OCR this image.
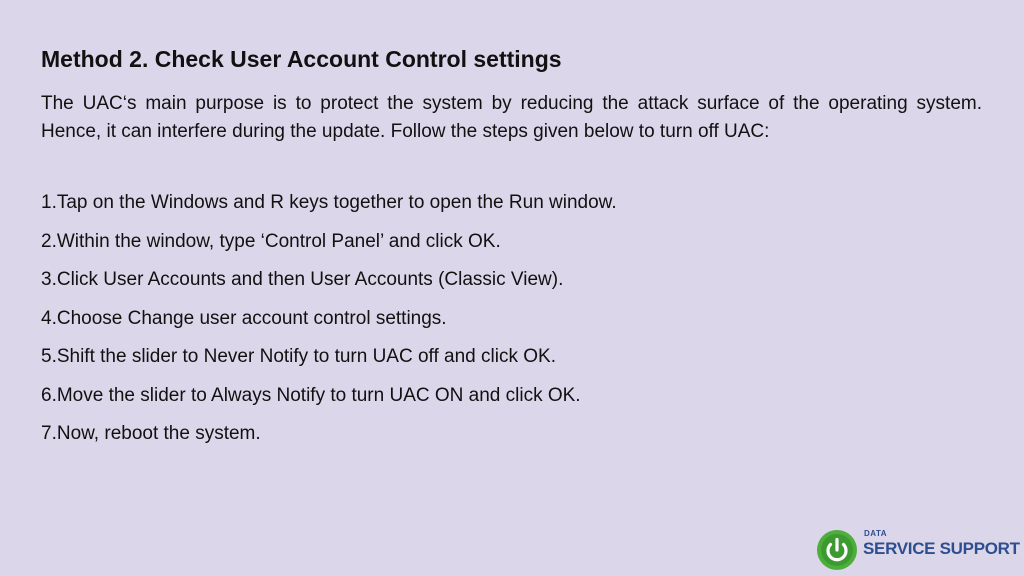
Method 2. Check User Account Control settings

The UAC‘s main purpose is to protect the system by reducing the attack surface of the operating system. Hence, it can interfere during the update. Follow the steps given below to turn off UAC:

1.Tap on the Windows and R keys together to open the Run window.
2.Within the window, type ‘Control Panel’ and click OK.
3.Click User Accounts and then User Accounts (Classic View).
4.Choose Change user account control settings.
5.Shift the slider to Never Notify to turn UAC off and click OK.
6.Move the slider to Always Notify to turn UAC ON and click OK.
7.Now, reboot the system.
DATA
SERVICE SUPPORT
